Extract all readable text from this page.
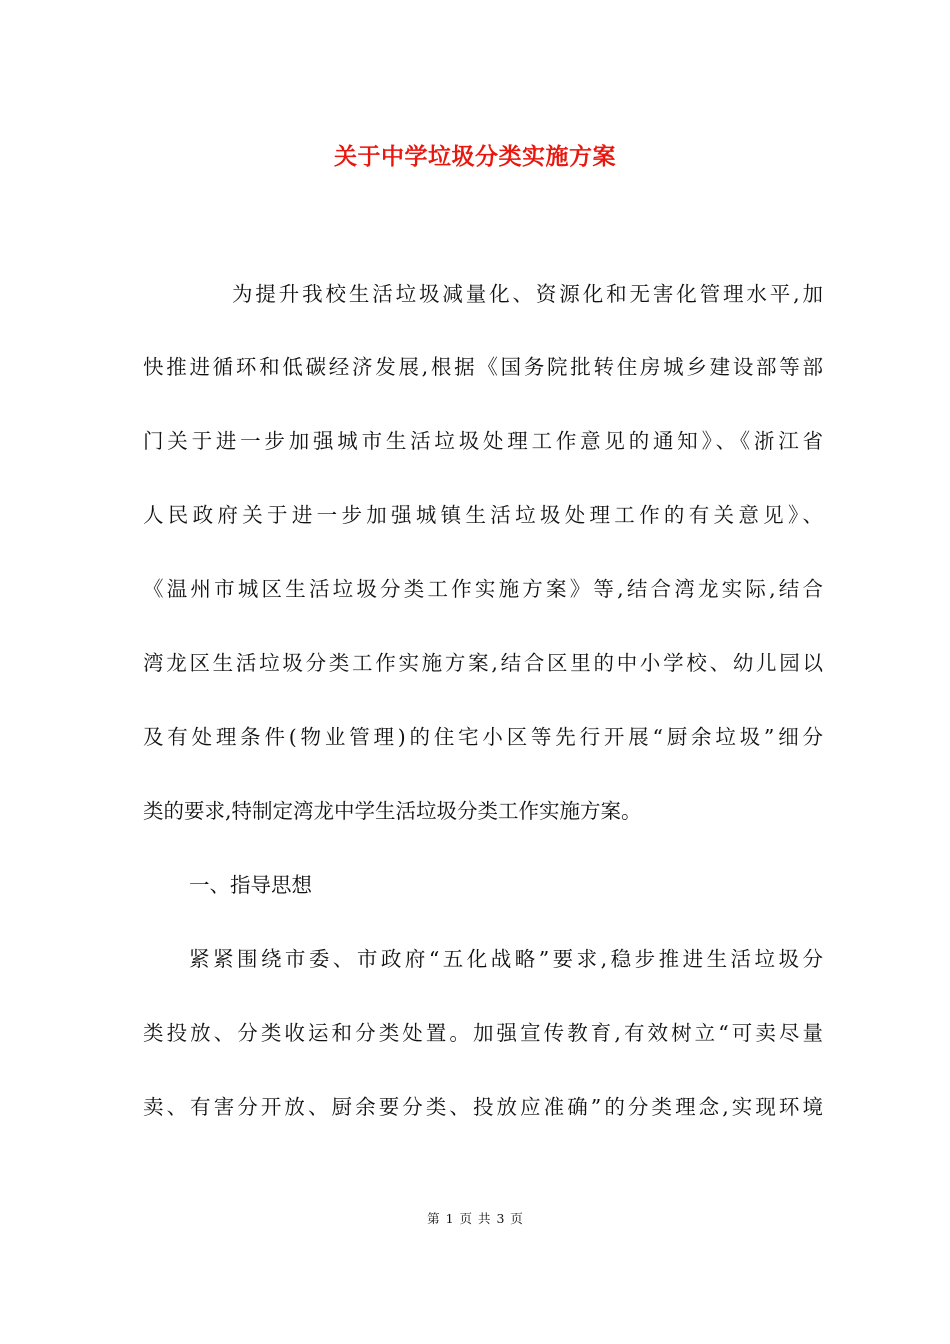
关于中学垃圾分类实施方案
为提升我校生活垃圾减量化、资源化和无害化管理水平,加
快推进循环和低碳经济发展,根据《国务院批转住房城乡建设部等部
门关于进一步加强城市生活垃圾处理工作意见的通知》、《浙江省
人民政府关于进一步加强城镇生活垃圾处理工作的有关意见》、
《温州市城区生活垃圾分类工作实施方案》等,结合湾龙实际,结合
湾龙区生活垃圾分类工作实施方案,结合区里的中小学校、幼儿园以
及有处理条件(物业管理)的住宅小区等先行开展“厨余垃圾”细分
类的要求,特制定湾龙中学生活垃圾分类工作实施方案。
一、指导思想
紧紧围绕市委、市政府“五化战略”要求,稳步推进生活垃圾分
类投放、分类收运和分类处置。加强宣传教育,有效树立“可卖尽量
卖、有害分开放、厨余要分类、投放应准确”的分类理念,实现环境
第 1 页 共 3 页
